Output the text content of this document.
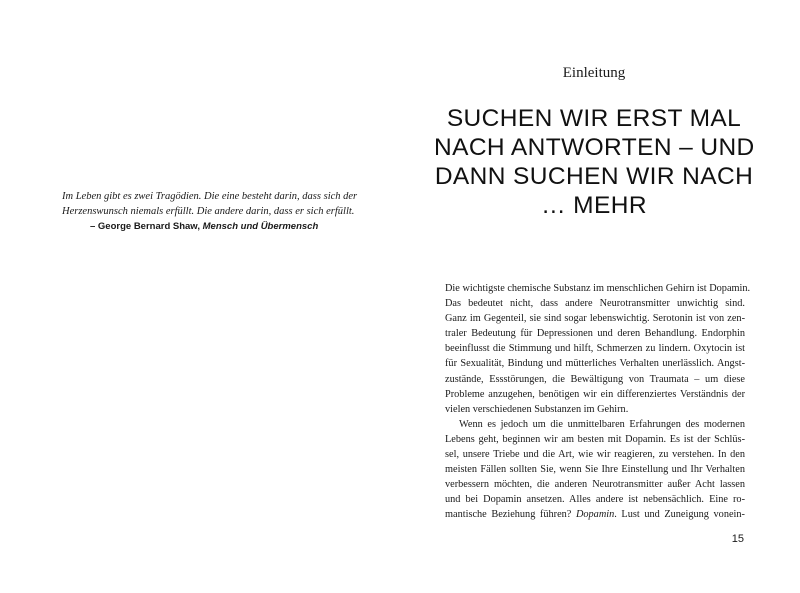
Im Leben gibt es zwei Tragödien. Die eine besteht darin, dass sich der
Herzenswunsch niemals erfüllt. Die andere darin, dass er sich erfüllt.

– George Bernard Shaw, Mensch und Übermensch

Einleitung

SUCHEN WIR ERST MAL
NACH ANTWORTEN – UND
DANN SUCHEN WIR NACH
… MEHR
Die wichtigste chemische Substanz im menschlichen Gehirn ist Dopamin.
Das bedeutet nicht, dass andere Neurotransmitter unwichtig sind.
Ganz im Gegenteil, sie sind sogar lebenswichtig. Serotonin ist von zen-
traler Bedeutung für Depressionen und deren Behandlung. Endorphin
beeinflusst die Stimmung und hilft, Schmerzen zu lindern. Oxytocin ist
für Sexualität, Bindung und mütterliches Verhalten unerlässlich. Angst-
zustände, Essstörungen, die Bewältigung von Traumata – um diese
Probleme anzugehen, benötigen wir ein differenziertes Verständnis der
vielen verschiedenen Substanzen im Gehirn.
Wenn es jedoch um die unmittelbaren Erfahrungen des modernen
Lebens geht, beginnen wir am besten mit Dopamin. Es ist der Schlüs-
sel, unsere Triebe und die Art, wie wir reagieren, zu verstehen. In den
meisten Fällen sollten Sie, wenn Sie Ihre Einstellung und Ihr Verhalten
verbessern möchten, die anderen Neurotransmitter außer Acht lassen
und bei Dopamin ansetzen. Alles andere ist nebensächlich. Eine ro-
mantische Beziehung führen? Dopamin. Lust und Zuneigung vonein-

15
